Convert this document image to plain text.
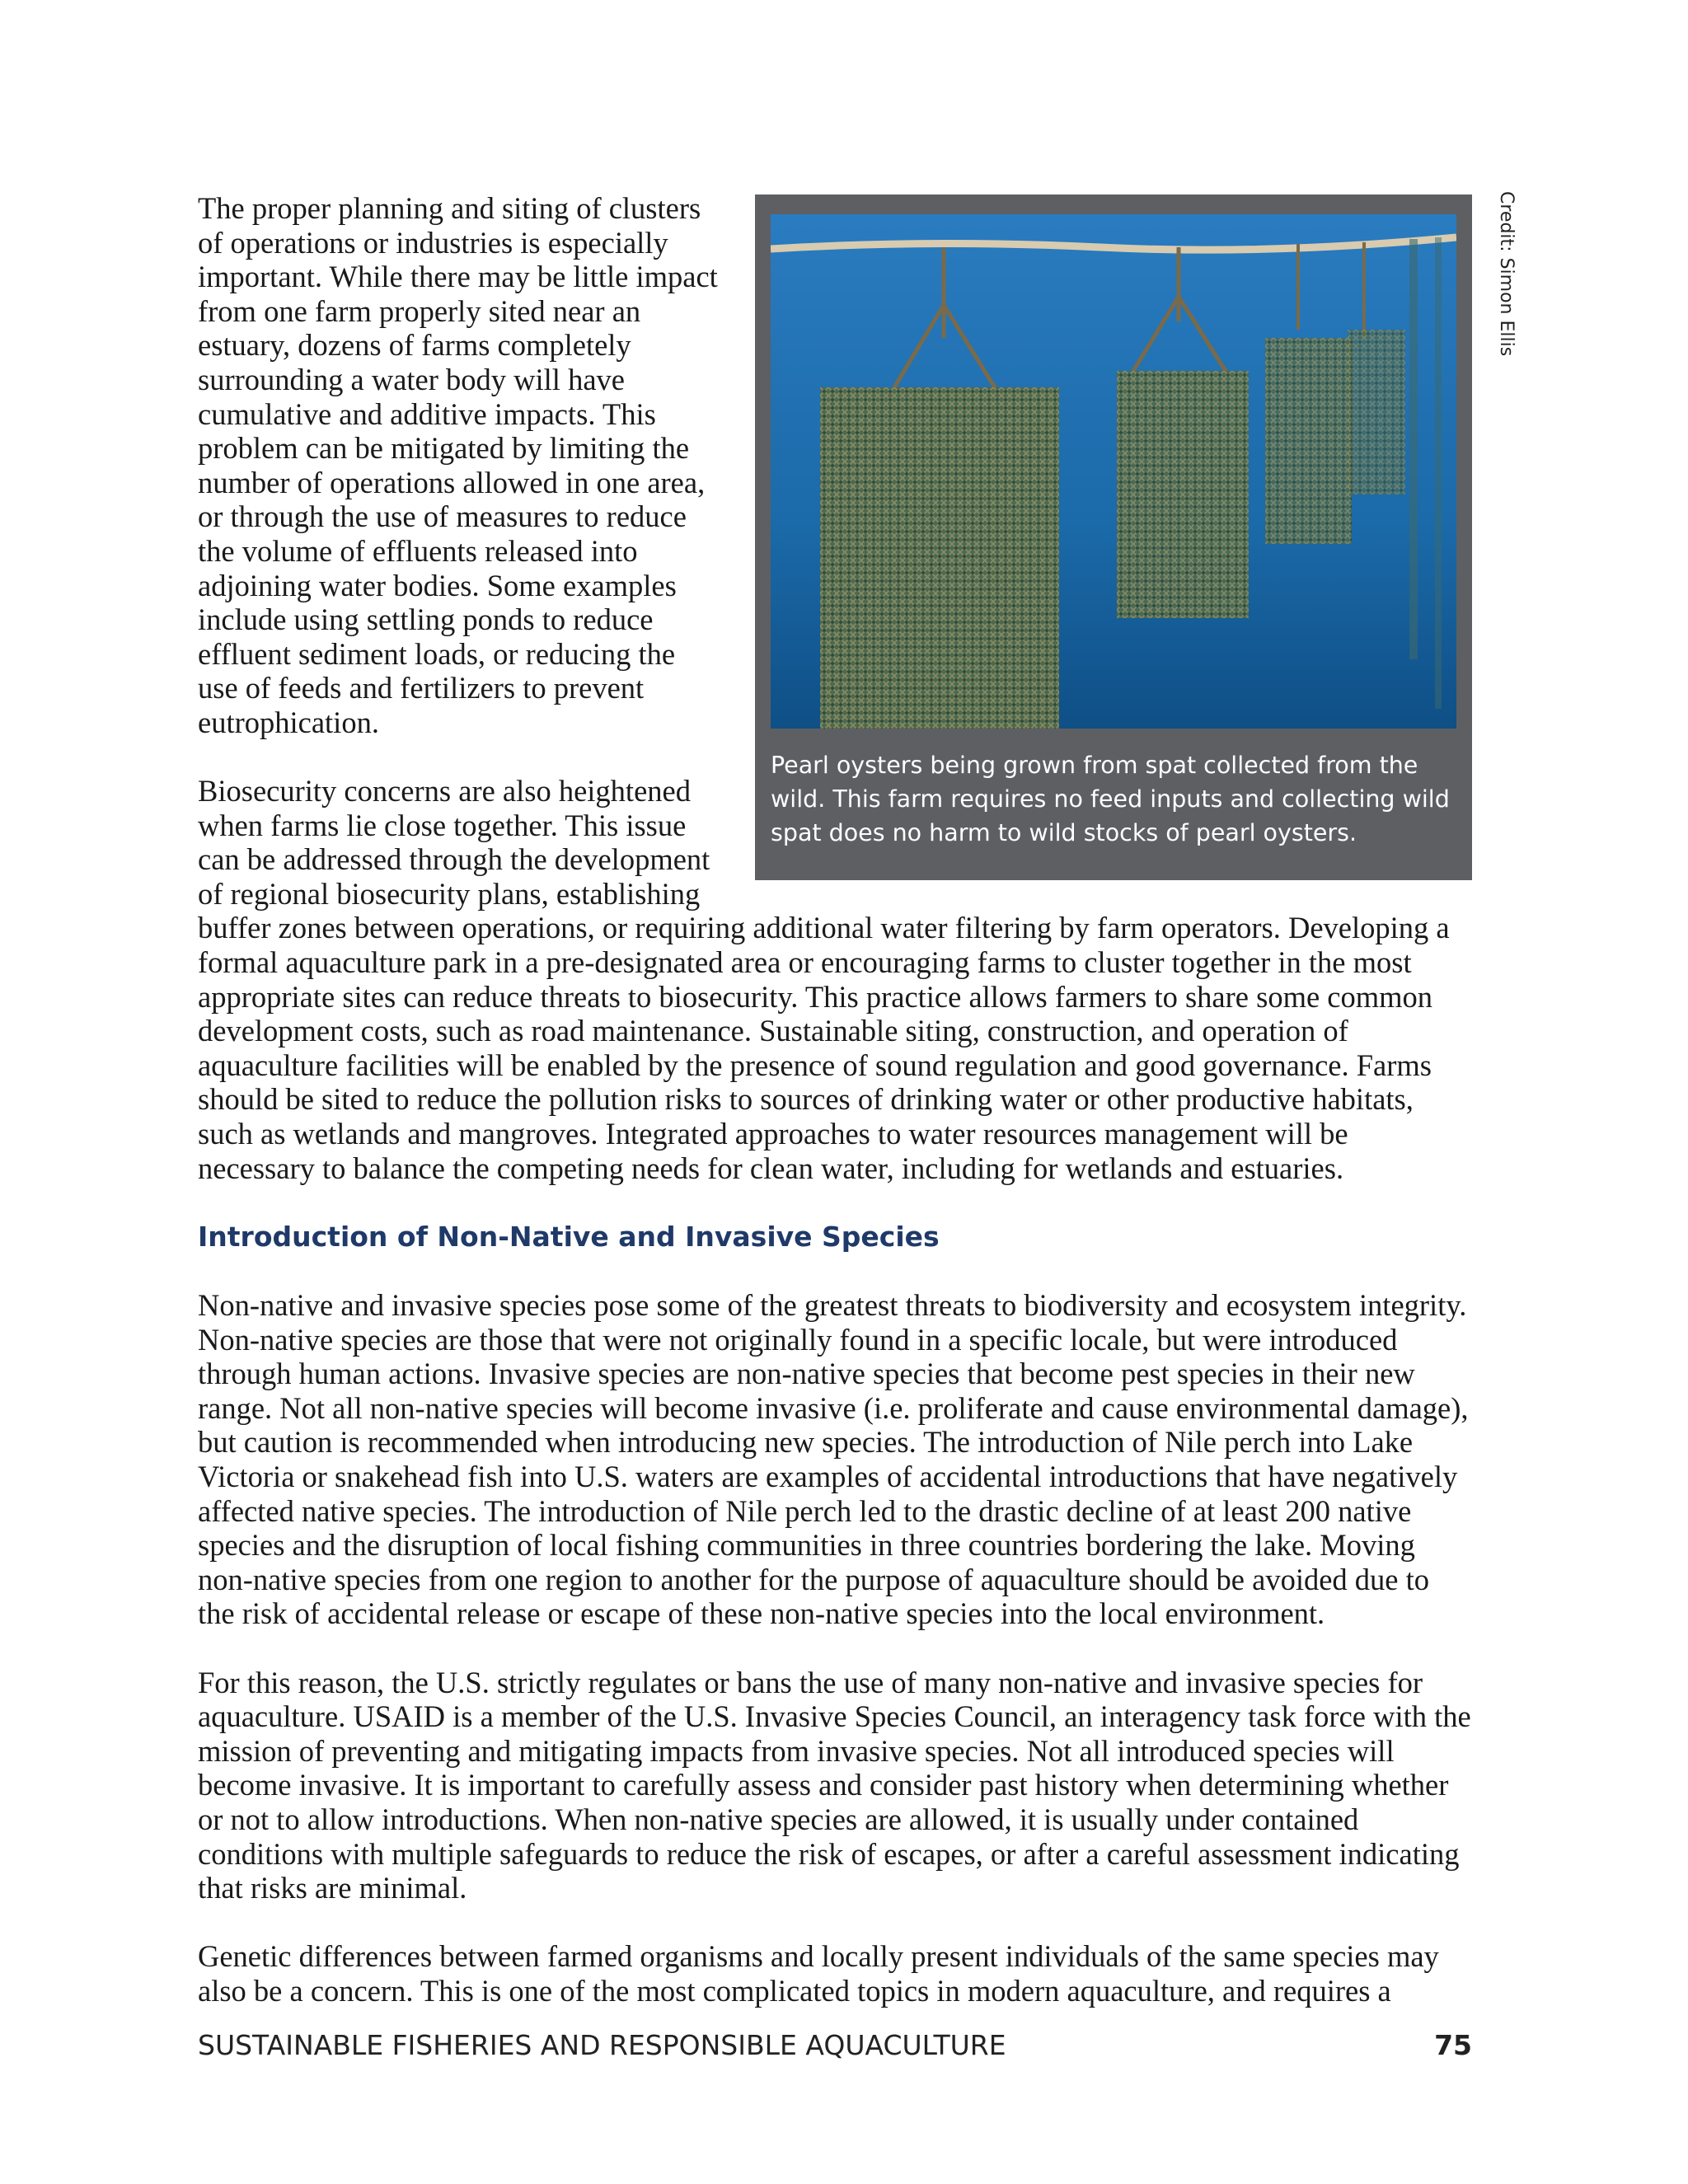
Credit: Simon Ellis

Pearl oysters being grown from spat collected from the wild. This farm requires no feed inputs and collecting wild spat does no harm to wild stocks of pearl oysters.

The proper planning and siting of clusters of operations or industries is especially important. While there may be little impact from one farm properly sited near an estuary, dozens of farms completely surrounding a water body will have cumulative and additive impacts. This problem can be mitigated by limiting the number of operations allowed in one area, or through the use of measures to reduce the volume of effluents released into adjoining water bodies. Some examples include using settling ponds to reduce effluent sediment loads, or reducing the use of feeds and fertilizers to prevent eutrophication.

Biosecurity concerns are also heightened when farms lie close together. This issue can be addressed through the development of regional biosecurity plans, establishing buffer zones between operations, or requiring additional water filtering by farm operators. Developing a formal aquaculture park in a pre-designated area or encouraging farms to cluster together in the most appropriate sites can reduce threats to biosecurity. This practice allows farmers to share some common development costs, such as road maintenance. Sustainable siting, construction, and operation of aquaculture facilities will be enabled by the presence of sound regulation and good governance. Farms should be sited to reduce the pollution risks to sources of drinking water or other productive habitats, such as wetlands and mangroves. Integrated approaches to water resources management will be necessary to balance the competing needs for clean water, including for wetlands and estuaries.

Introduction of Non-Native and Invasive Species

Non-native and invasive species pose some of the greatest threats to biodiversity and ecosystem integrity. Non-native species are those that were not originally found in a specific locale, but were introduced through human actions. Invasive species are non-native species that become pest species in their new range. Not all non-native species will become invasive (i.e. proliferate and cause environmental damage), but caution is recommended when introducing new species. The introduction of Nile perch into Lake Victoria or snakehead fish into U.S. waters are examples of accidental introductions that have negatively affected native species. The introduction of Nile perch led to the drastic decline of at least 200 native species and the disruption of local fishing communities in three countries bordering the lake. Moving non-native species from one region to another for the purpose of aquaculture should be avoided due to the risk of accidental release or escape of these non-native species into the local environment.

For this reason, the U.S. strictly regulates or bans the use of many non-native and invasive species for aquaculture. USAID is a member of the U.S. Invasive Species Council, an interagency task force with the mission of preventing and mitigating impacts from invasive species. Not all introduced species will become invasive. It is important to carefully assess and consider past history when determining whether or not to allow introductions. When non-native species are allowed, it is usually under contained conditions with multiple safeguards to reduce the risk of escapes, or after a careful assessment indicating that risks are minimal.

Genetic differences between farmed organisms and locally present individuals of the same species may also be a concern. This is one of the most complicated topics in modern aquaculture, and requires a

SUSTAINABLE FISHERIES AND RESPONSIBLE AQUACULTURE	75
